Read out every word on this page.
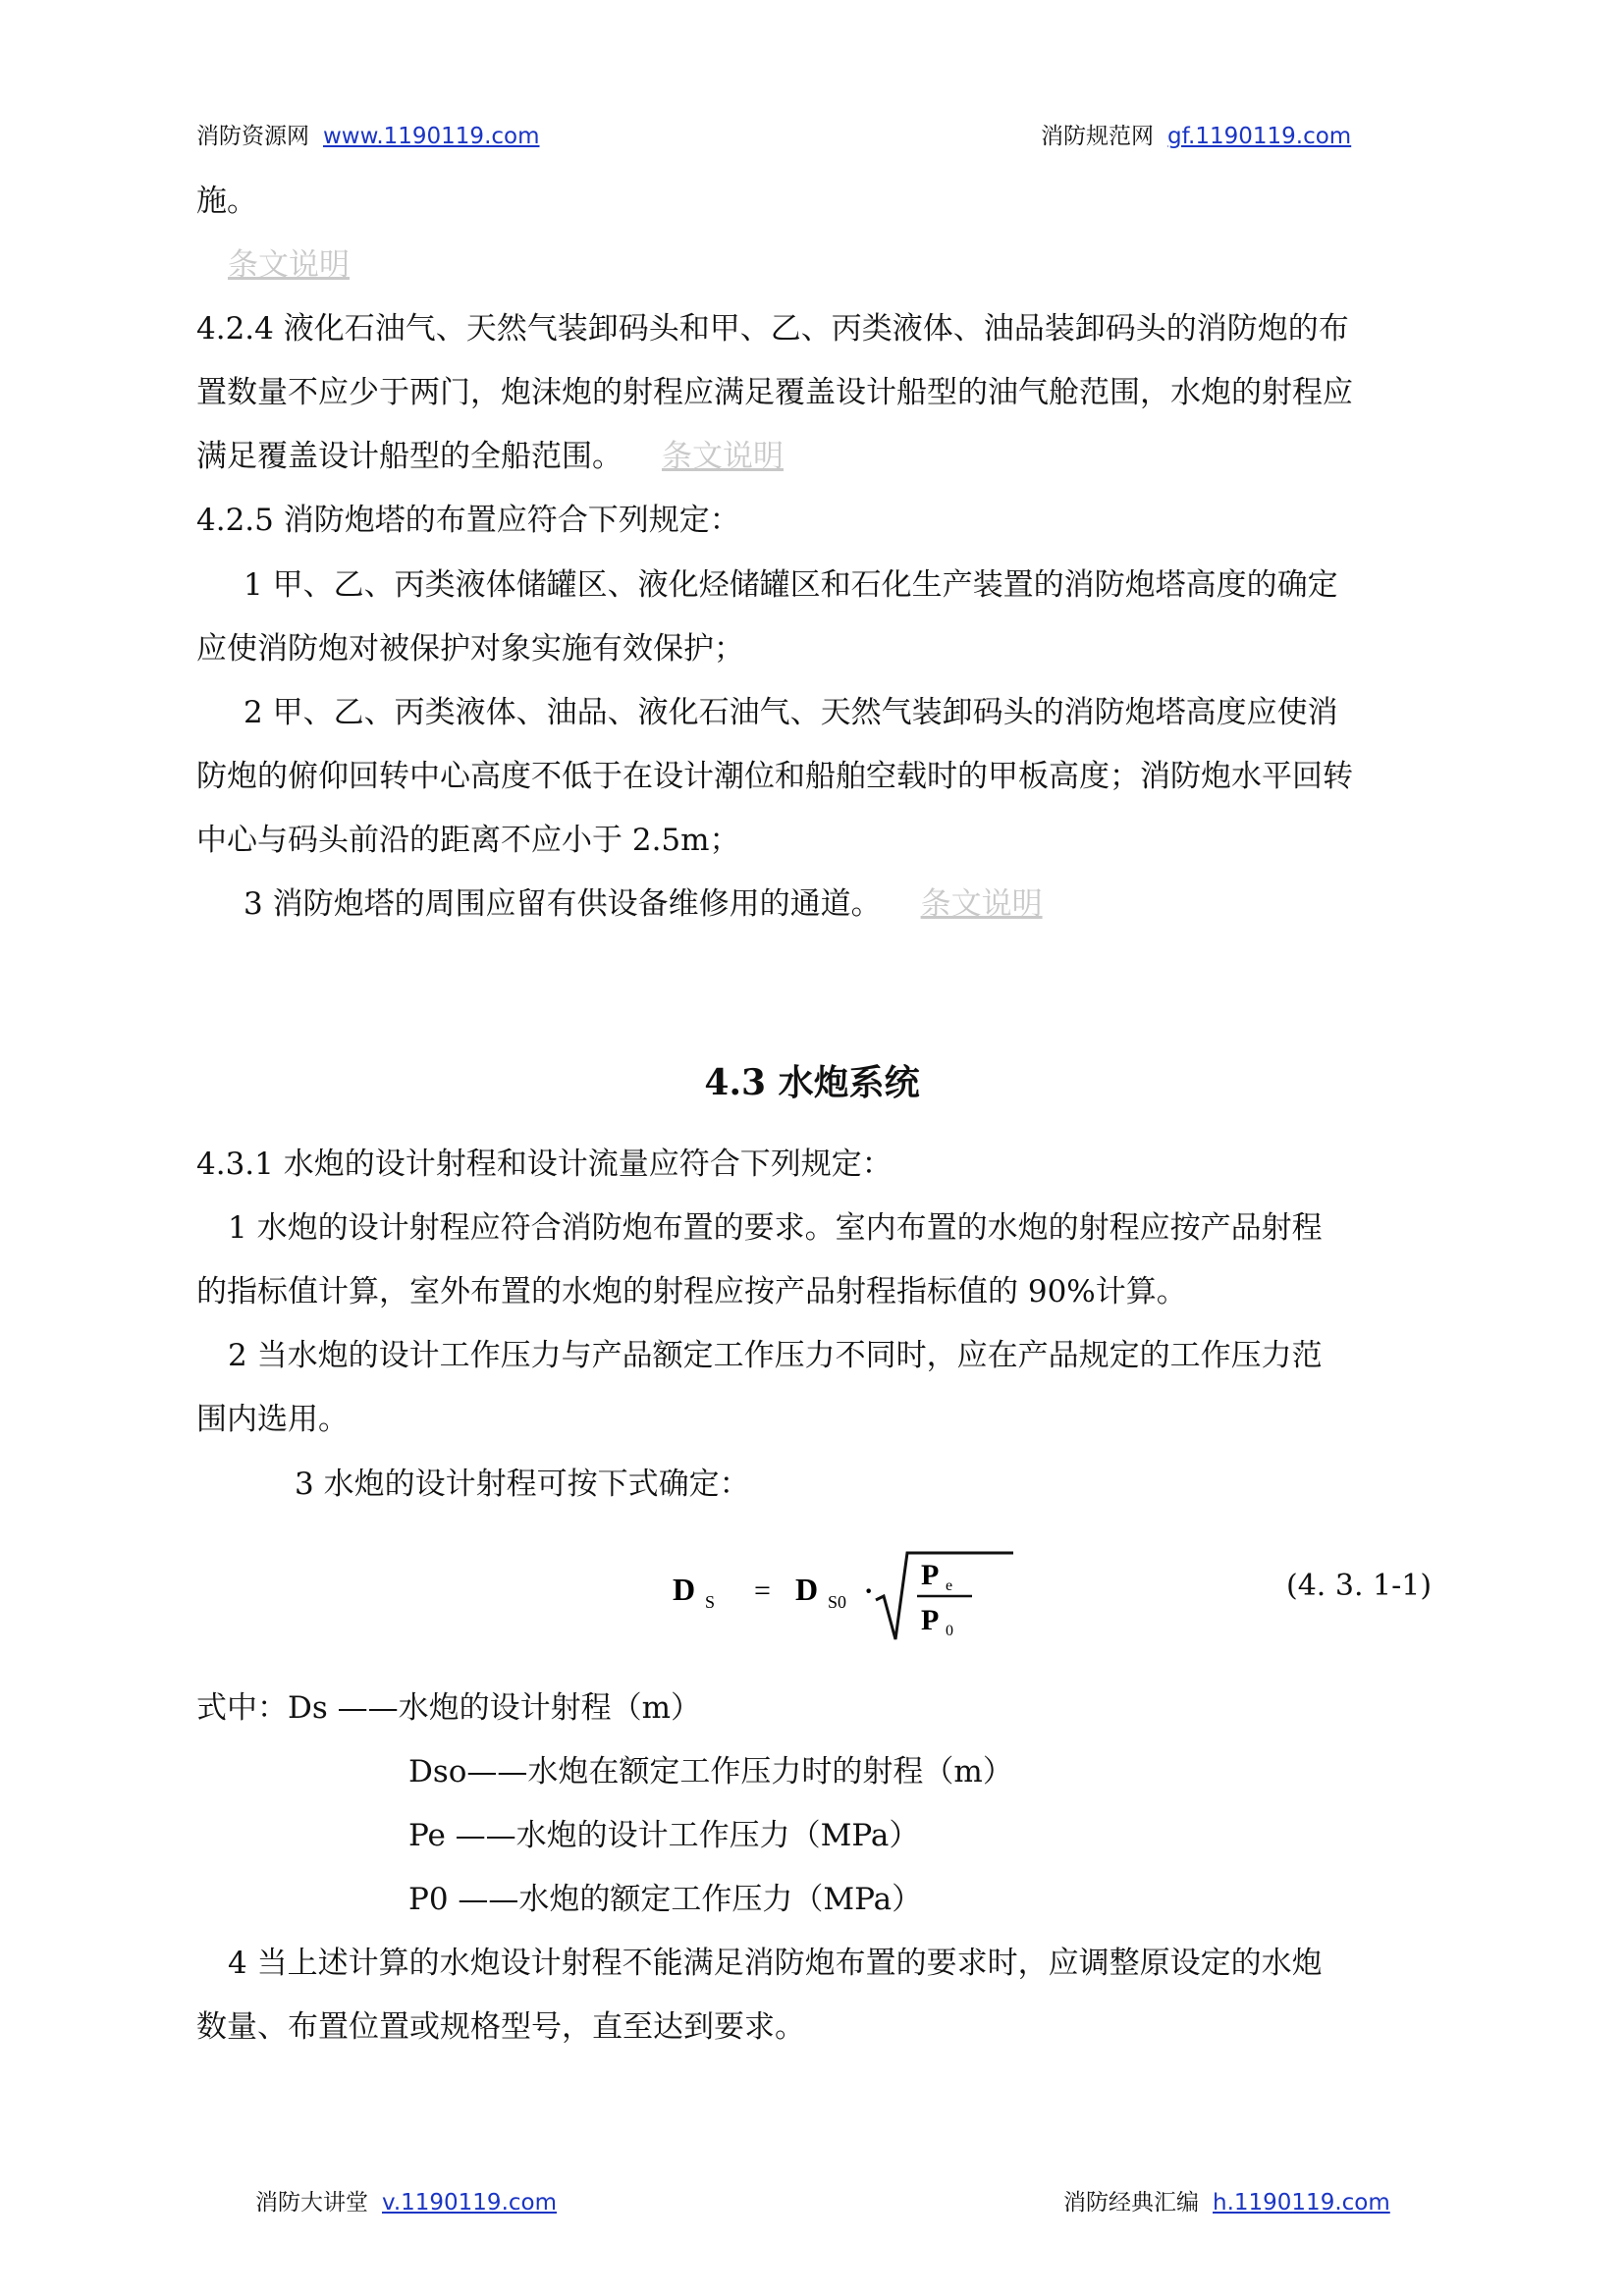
消防资源网 www.1190119.com	消防规范网 gf.1190119.com
施。
条文说明
4.2.4 液化石油气、天然气装卸码头和甲、乙、丙类液体、油品装卸码头的消防炮的布
置数量不应少于两门，炮沫炮的射程应满足覆盖设计船型的油气舱范围，水炮的射程应
满足覆盖设计船型的全船范围。 条文说明
4.2.5 消防炮塔的布置应符合下列规定：
1 甲、乙、丙类液体储罐区、液化烃储罐区和石化生产装置的消防炮塔高度的确定
应使消防炮对被保护对象实施有效保护；
2 甲、乙、丙类液体、油品、液化石油气、天然气装卸码头的消防炮塔高度应使消
防炮的俯仰回转中心高度不低于在设计潮位和船舶空载时的甲板高度；消防炮水平回转
中心与码头前沿的距离不应小于 2.5m；
3 消防炮塔的周围应留有供设备维修用的通道。 条文说明
4.3 水炮系统
4.3.1 水炮的设计射程和设计流量应符合下列规定：
1 水炮的设计射程应符合消防炮布置的要求。室内布置的水炮的射程应按产品射程
的指标值计算，室外布置的水炮的射程应按产品射程指标值的 90%计算。
2 当水炮的设计工作压力与产品额定工作压力不同时，应在产品规定的工作压力范
围内选用。
3 水炮的设计射程可按下式确定：
D S = D S0 ·
P e
P 0
(4. 3. 1-1)
式中：Ds ——水炮的设计射程（m）
Dso——水炮在额定工作压力时的射程（m）
Pe ——水炮的设计工作压力（MPa）
P0 ——水炮的额定工作压力（MPa）
4 当上述计算的水炮设计射程不能满足消防炮布置的要求时，应调整原设定的水炮
数量、布置位置或规格型号，直至达到要求。
消防大讲堂 v.1190119.com	消防经典汇编 h.1190119.com
